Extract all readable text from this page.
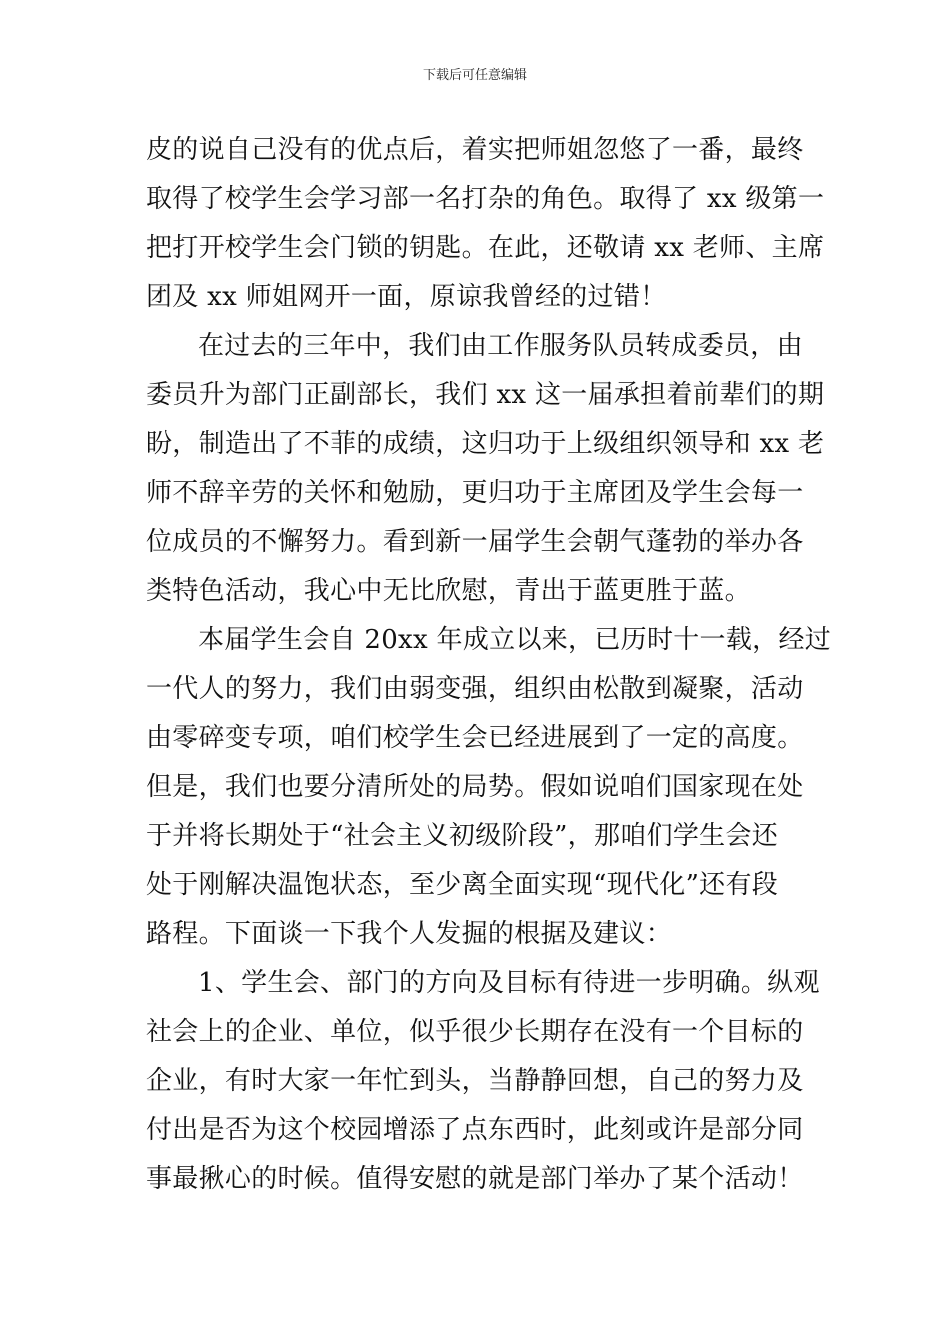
下载后可任意编辑
皮的说自己没有的优点后，着实把师姐忽悠了一番，最终
取得了校学生会学习部一名打杂的角色。取得了 xx 级第一
把打开校学生会门锁的钥匙。在此，还敬请 xx 老师、主席
团及 xx 师姐网开一面，原谅我曾经的过错！
在过去的三年中，我们由工作服务队员转成委员，由
委员升为部门正副部长，我们 xx 这一届承担着前辈们的期
盼，制造出了不菲的成绩，这归功于上级组织领导和 xx 老
师不辞辛劳的关怀和勉励，更归功于主席团及学生会每一
位成员的不懈努力。看到新一届学生会朝气蓬勃的举办各
类特色活动，我心中无比欣慰，青出于蓝更胜于蓝。
本届学生会自 20xx 年成立以来，已历时十一载，经过
一代人的努力，我们由弱变强，组织由松散到凝聚，活动
由零碎变专项，咱们校学生会已经进展到了一定的高度。
但是，我们也要分清所处的局势。假如说咱们国家现在处
于并将长期处于“社会主义初级阶段”，那咱们学生会还
处于刚解决温饱状态，至少离全面实现“现代化”还有段
路程。下面谈一下我个人发掘的根据及建议：
1、学生会、部门的方向及目标有待进一步明确。纵观
社会上的企业、单位，似乎很少长期存在没有一个目标的
企业，有时大家一年忙到头，当静静回想，自己的努力及
付出是否为这个校园增添了点东西时，此刻或许是部分同
事最揪心的时候。值得安慰的就是部门举办了某个活动！
